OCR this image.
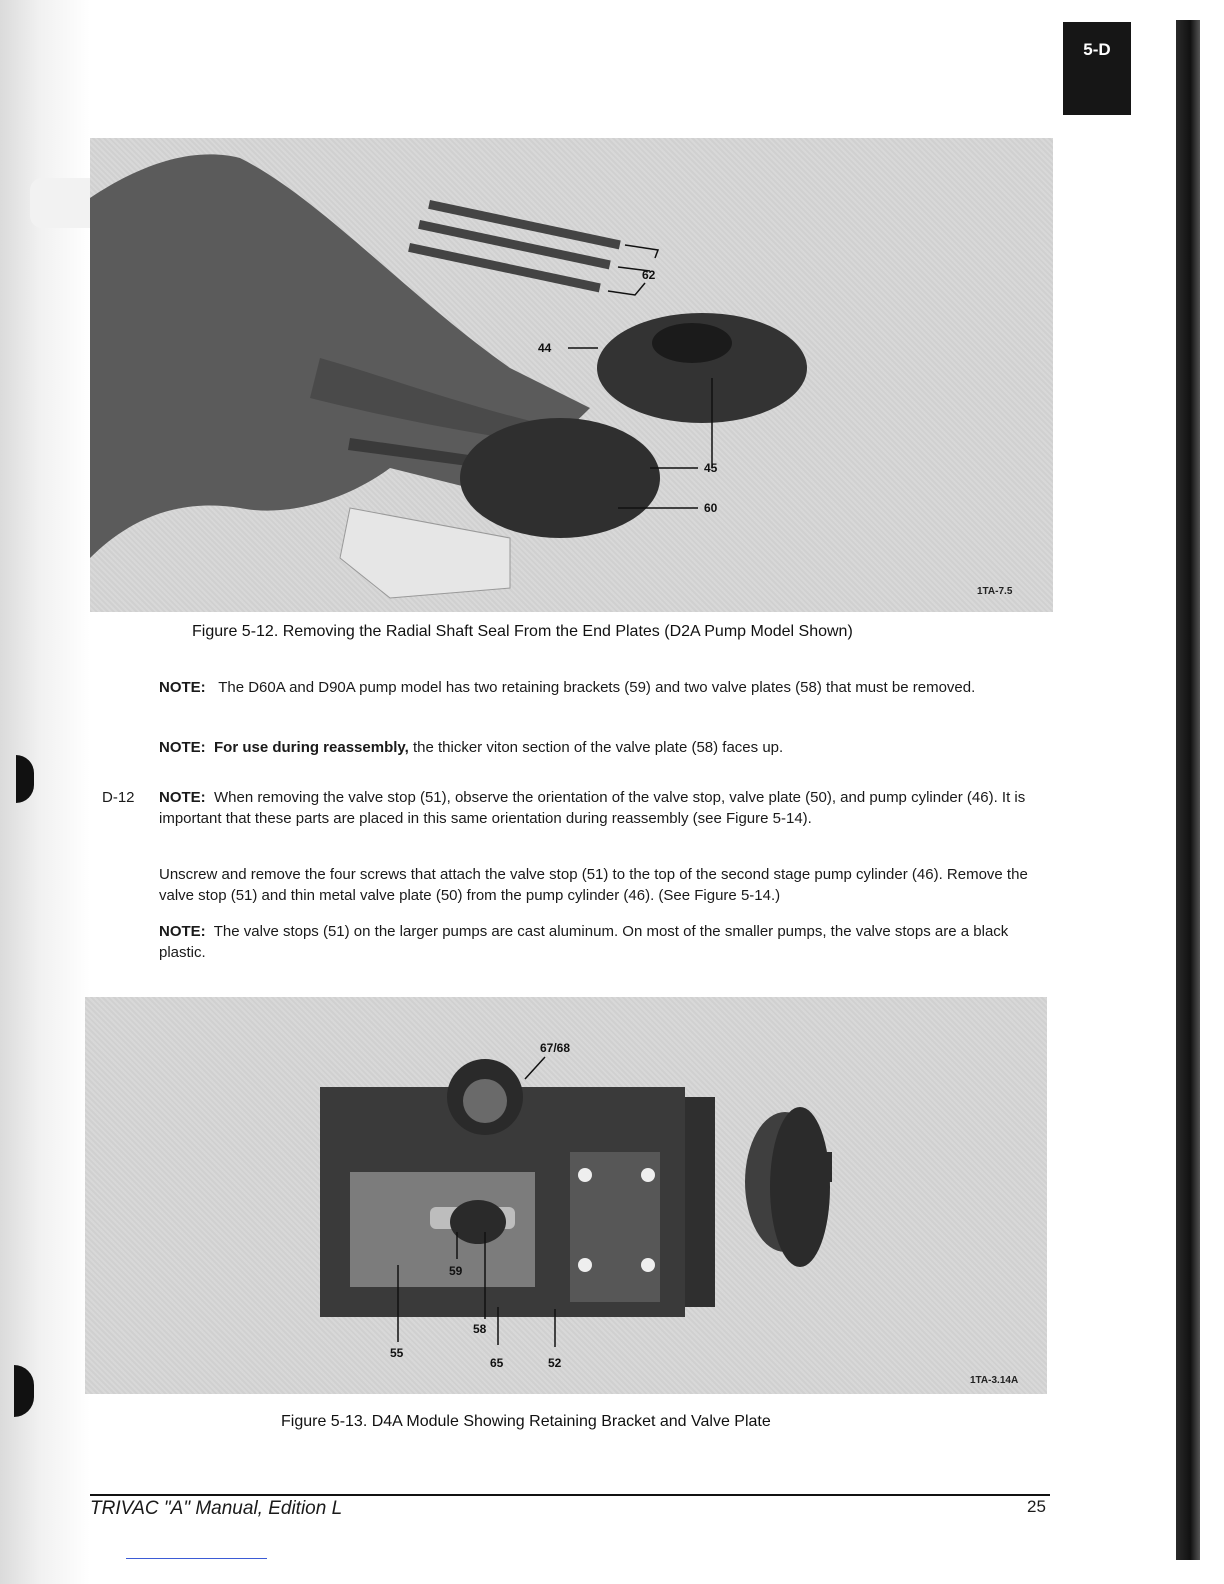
5-D
62
44
45
60
1TA-7.5
Figure 5-12. Removing the Radial Shaft Seal From the End Plates (D2A Pump Model Shown)
NOTE: The D60A and D90A pump model has two retaining brackets (59) and two valve plates (58) that must be removed.
NOTE: For use during reassembly, the thicker viton section of the valve plate (58) faces up.
D-12 NOTE: When removing the valve stop (51), observe the orientation of the valve stop, valve plate (50), and pump cylinder (46). It is important that these parts are placed in this same orientation during reassembly (see Figure 5-14).
Unscrew and remove the four screws that attach the valve stop (51) to the top of the second stage pump cylinder (46). Remove the valve stop (51) and thin metal valve plate (50) from the pump cylinder (46). (See Figure 5-14.)
NOTE: The valve stops (51) on the larger pumps are cast aluminum. On most of the smaller pumps, the valve stops are a black plastic.
67/68
59
58
55
65	52
1TA-3.14A
Figure 5-13. D4A Module Showing Retaining Bracket and Valve Plate
TRIVAC "A" Manual, Edition L	25
